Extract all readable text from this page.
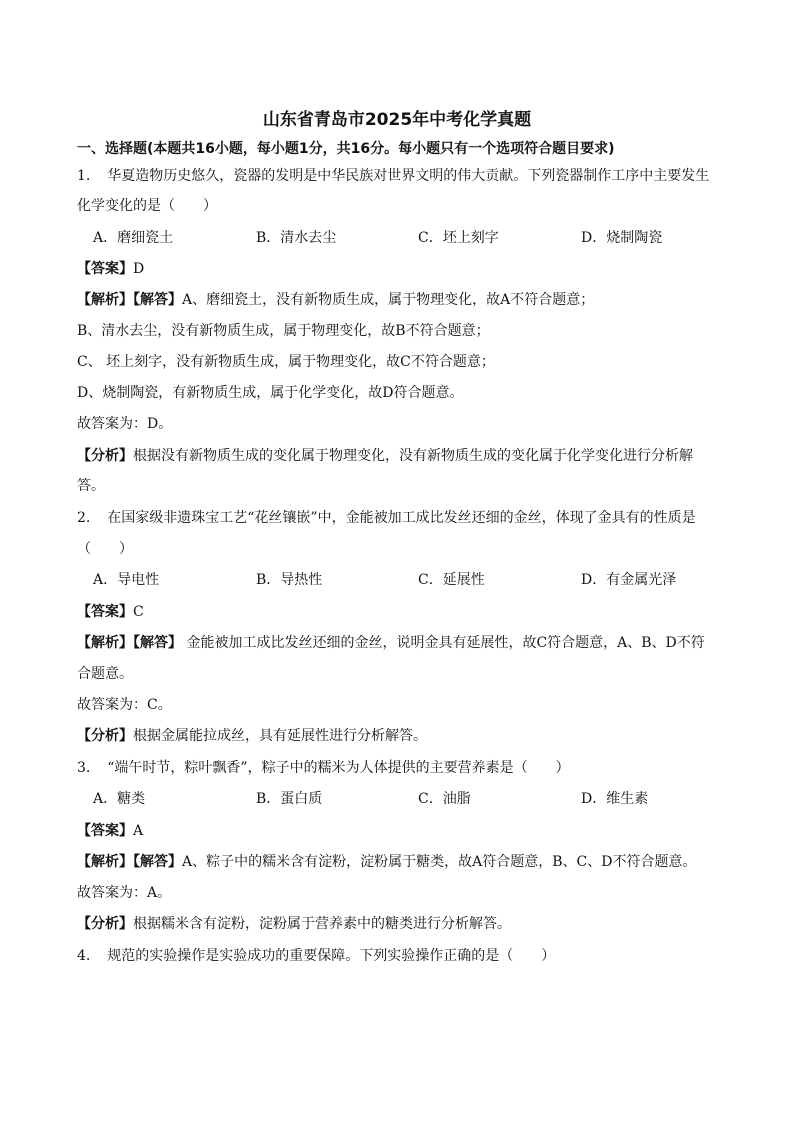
山东省青岛市2025年中考化学真题
一、选择题(本题共16小题，每小题1分，共16分。每小题只有一个选项符合题目要求)
1. 华夏造物历史悠久，瓷器的发明是中华民族对世界文明的伟大贡献。下列瓷器制作工序中主要发生
化学变化的是（　　）
A．磨细瓷土	B．清水去尘	C．坯上刻字	D．烧制陶瓷
【答案】D
【解析】【解答】A、磨细瓷土，没有新物质生成，属于物理变化，故A不符合题意；
B、清水去尘，没有新物质生成，属于物理变化，故B不符合题意；
C、 坯上刻字，没有新物质生成，属于物理变化，故C不符合题意；
D、烧制陶瓷，有新物质生成，属于化学变化，故D符合题意。
故答案为：D。
【分析】根据没有新物质生成的变化属于物理变化，没有新物质生成的变化属于化学变化进行分析解
答。
2. 在国家级非遗珠宝工艺“花丝镶嵌”中，金能被加工成比发丝还细的金丝，体现了金具有的性质是
（　　）
A．导电性	B．导热性	C．延展性	D．有金属光泽
【答案】C
【解析】【解答】 金能被加工成比发丝还细的金丝，说明金具有延展性，故C符合题意，A、B、D不符
合题意。
故答案为：C。
【分析】根据金属能拉成丝，具有延展性进行分析解答。
3. “端午时节，粽叶飘香”，粽子中的糯米为人体提供的主要营养素是（　　）
A．糖类	B．蛋白质	C．油脂	D．维生素
【答案】A
【解析】【解答】A、粽子中的糯米含有淀粉，淀粉属于糖类，故A符合题意，B、C、D不符合题意。
故答案为：A。
【分析】根据糯米含有淀粉，淀粉属于营养素中的糖类进行分析解答。
4. 规范的实验操作是实验成功的重要保障。下列实验操作正确的是（　　）
